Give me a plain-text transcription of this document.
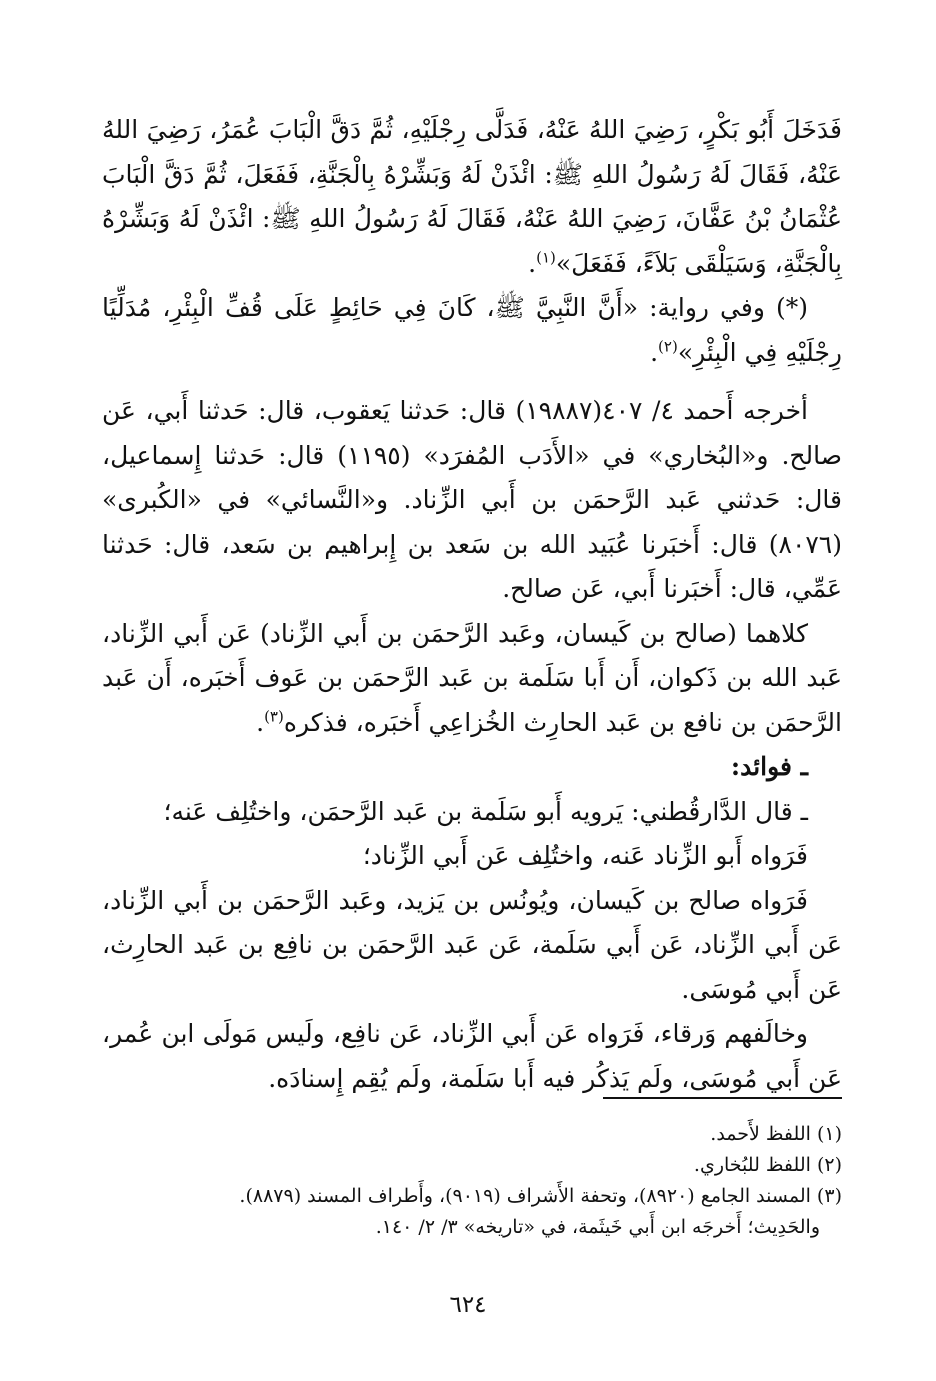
فَدَخَلَ أَبُو بَكْرٍ، رَضِيَ اللهُ عَنْهُ، فَدَلَّى رِجْلَيْهِ، ثُمَّ دَقَّ الْبَابَ عُمَرُ، رَضِيَ اللهُ عَنْهُ، فَقَالَ لَهُ رَسُولُ اللهِ ﷺ: ائْذَنْ لَهُ وَبَشِّرْهُ بِالْجَنَّةِ، فَفَعَلَ، ثُمَّ دَقَّ الْبَابَ عُثْمَانُ بْنُ عَفَّانَ، رَضِيَ اللهُ عَنْهُ، فَقَالَ لَهُ رَسُولُ اللهِ ﷺ: ائْذَنْ لَهُ وَبَشِّرْهُ بِالْجَنَّةِ، وَسَيَلْقَى بَلاَءً، فَفَعَلَ»$^{(١)}$.

(*) وفي رواية: «أَنَّ النَّبِيَّ ﷺ، كَانَ فِي حَائِطٍ عَلَى قُفِّ الْبِئْرِ، مُدَلِّيًا رِجْلَيْهِ فِي الْبِئْرِ»$^{(٢)}$.

أخرجه أَحمد ٤/ ٤٠٧(١٩٨٨٧) قال: حَدثنا يَعقوب، قال: حَدثنا أَبي، عَن صالح. و«البُخاري» في «الأَدَب المُفرَد» (١١٩٥) قال: حَدثنا إِسماعيل، قال: حَدثني عَبد الرَّحمَن بن أَبي الزِّناد. و«النَّسائي» في «الكُبرى» (٨٠٧٦) قال: أَخبَرنا عُبَيد الله بن سَعد بن إِبراهيم بن سَعد، قال: حَدثنا عَمِّي، قال: أَخبَرنا أَبي، عَن صالح.

كلاهما (صالح بن كَيسان، وعَبد الرَّحمَن بن أَبي الزِّناد) عَن أَبي الزِّناد، عَبد الله بن ذَكوان، أَن أَبا سَلَمة بن عَبد الرَّحمَن بن عَوف أَخبَره، أَن عَبد الرَّحمَن بن نافع بن عَبد الحارِث الخُزاعِي أَخبَره، فذكره$^{(٣)}$.

ـ فوائد:

ـ قال الدَّارقُطني: يَرويه أَبو سَلَمة بن عَبد الرَّحمَن، واختُلِف عَنه؛

فَرَواه أَبو الزِّناد عَنه، واختُلِف عَن أَبي الزِّناد؛

فَرَواه صالح بن كَيسان، ويُونُس بن يَزيد، وعَبد الرَّحمَن بن أَبي الزِّناد، عَن أَبي الزِّناد، عَن أَبي سَلَمة، عَن عَبد الرَّحمَن بن نافِع بن عَبد الحارِث، عَن أَبي مُوسَى.

وخالَفهم وَرقاء، فَرَواه عَن أَبي الزِّناد، عَن نافِع، ولَيس مَولَى ابن عُمر، عَن أَبي مُوسَى، ولَم يَذكُر فيه أَبا سَلَمة، ولَم يُقِم إِسنادَه.

(١) اللفظ لأَحمد.

(٢) اللفظ للبُخاري.

(٣) المسند الجامع (٨٩٢٠)، وتحفة الأَشراف (٩٠١٩)، وأَطراف المسند (٨٨٧٩).

والحَدِيث؛ أَخرجَه ابن أَبي خَيثَمة، في «تاريخه» ٣/ ٢/ ١٤٠.

٦٢٤
